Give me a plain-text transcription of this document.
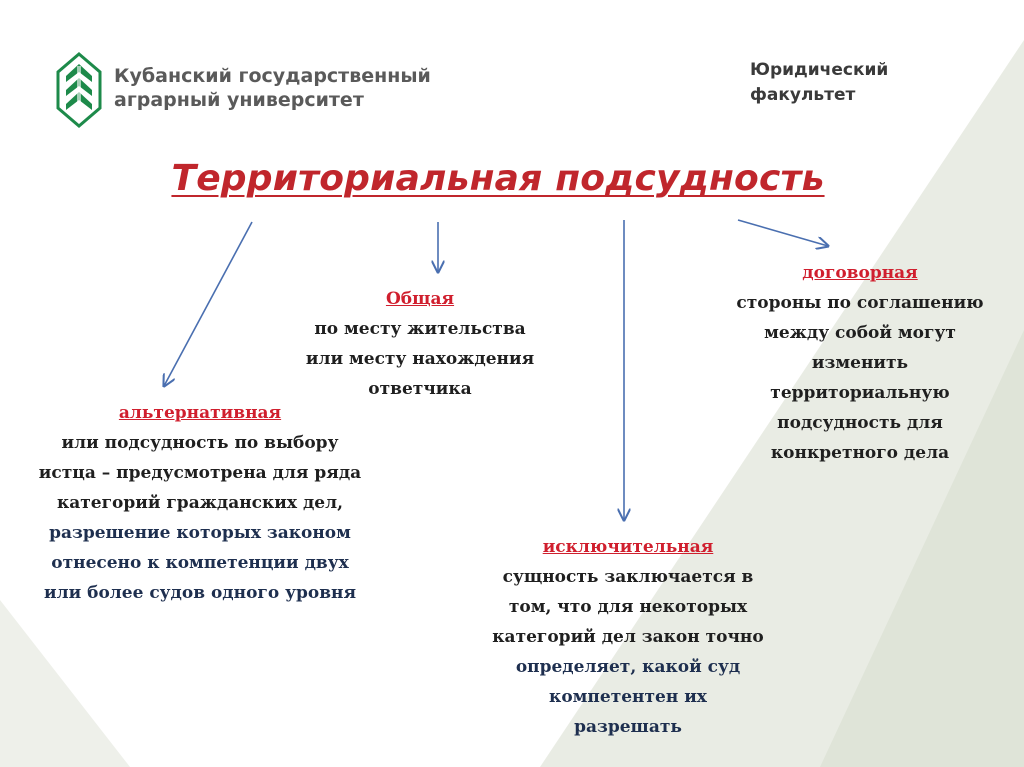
Кубанский государственный
аграрный университет
Юридический
факультет
Территориальная подсудность
Общая
по месту жительства
или месту нахождения
ответчика
альтернативная
или подсудность по выбору
истца – предусмотрена для ряда
категорий гражданских дел,
разрешение которых законом
отнесено к компетенции двух
или более судов одного уровня
договорная
стороны по соглашению
между собой могут
изменить
территориальную
подсудность для
конкретного дела
исключительная
сущность заключается в
том, что для некоторых
категорий дел закон точно
определяет, какой суд
компетентен их
разрешать
